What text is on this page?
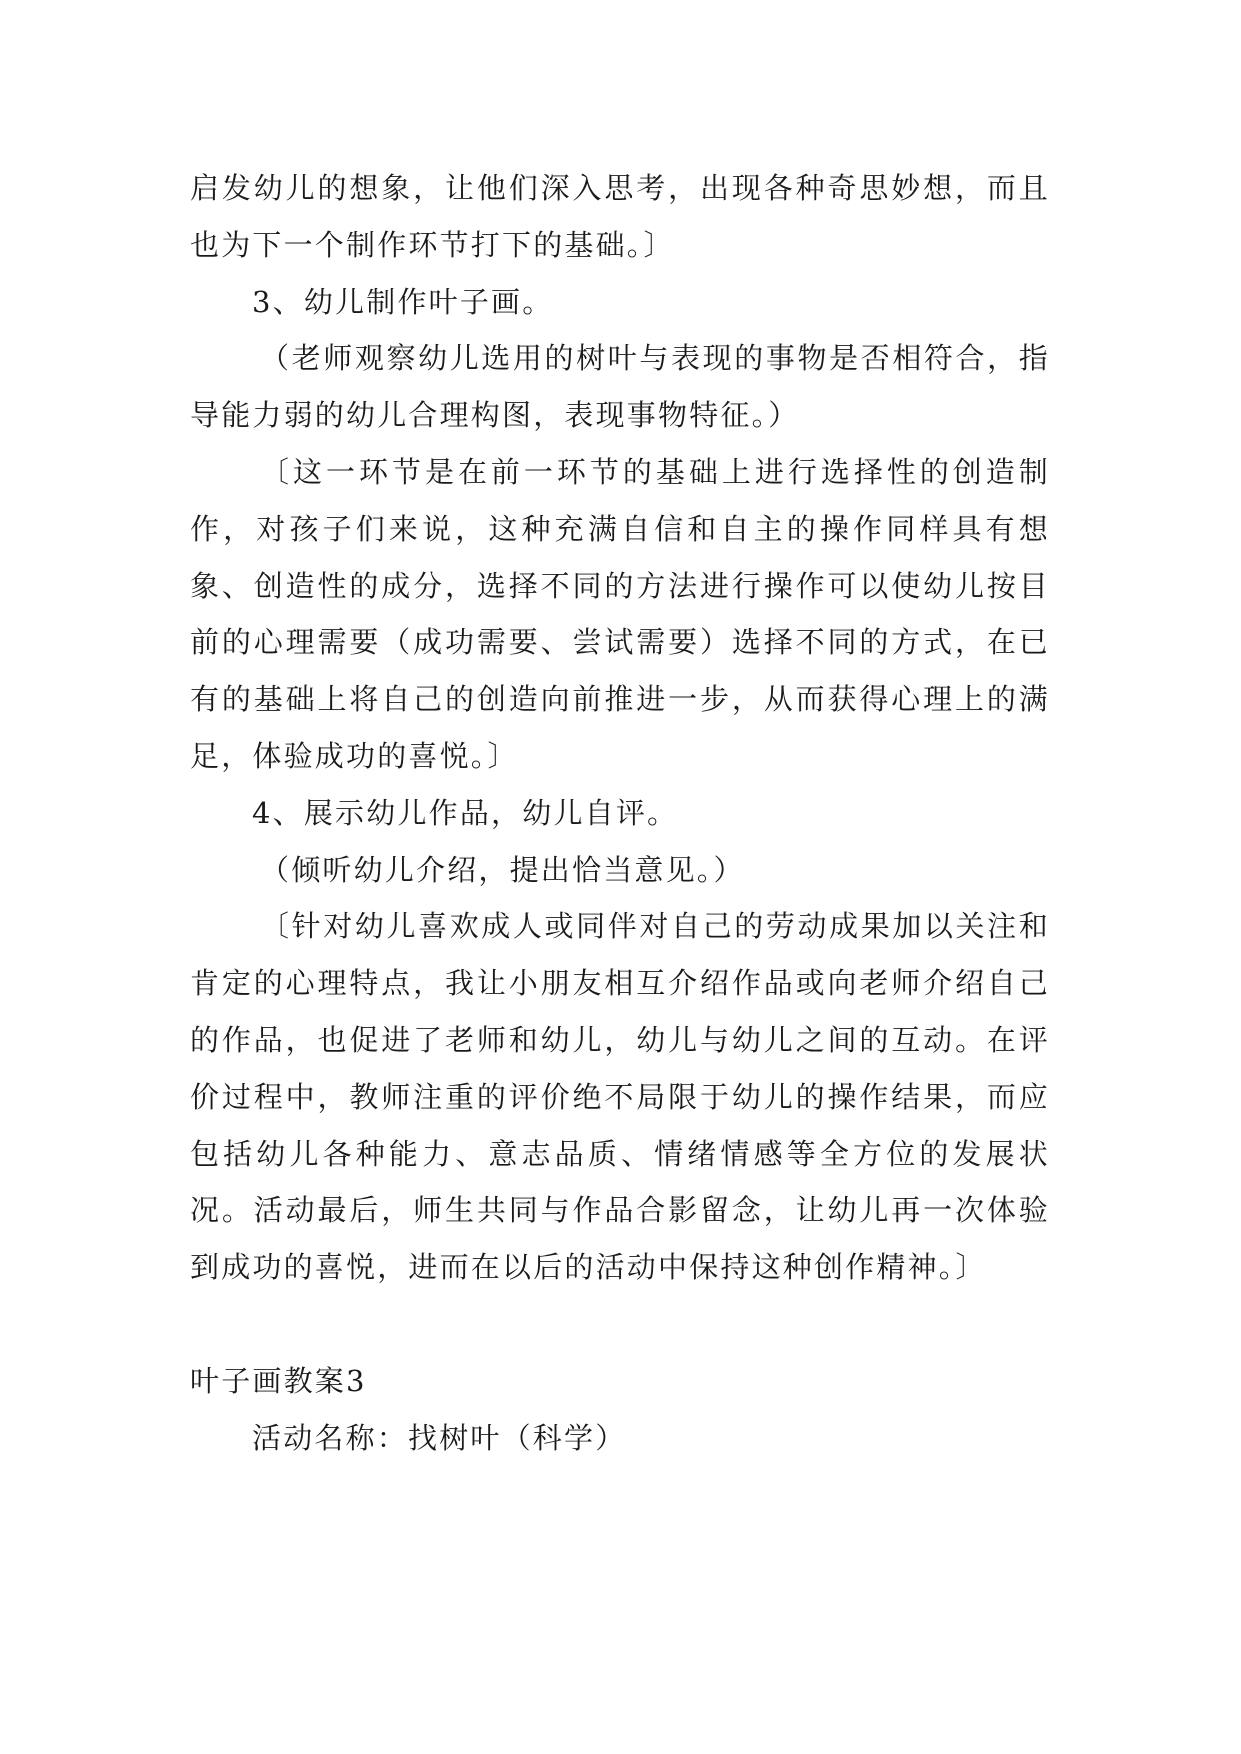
启发幼儿的想象，让他们深入思考，出现各种奇思妙想，而且也为下一个制作环节打下的基础。〕

3、幼儿制作叶子画。

（老师观察幼儿选用的树叶与表现的事物是否相符合，指导能力弱的幼儿合理构图，表现事物特征。）

〔这一环节是在前一环节的基础上进行选择性的创造制作，对孩子们来说，这种充满自信和自主的操作同样具有想象、创造性的成分，选择不同的方法进行操作可以使幼儿按目前的心理需要（成功需要、尝试需要）选择不同的方式，在已有的基础上将自己的创造向前推进一步，从而获得心理上的满足，体验成功的喜悦。〕

4、展示幼儿作品，幼儿自评。

（倾听幼儿介绍，提出恰当意见。）

〔针对幼儿喜欢成人或同伴对自己的劳动成果加以关注和肯定的心理特点，我让小朋友相互介绍作品或向老师介绍自己的作品，也促进了老师和幼儿，幼儿与幼儿之间的互动。在评价过程中，教师注重的评价绝不局限于幼儿的操作结果，而应包括幼儿各种能力、意志品质、情绪情感等全方位的发展状况。活动最后，师生共同与作品合影留念，让幼儿再一次体验到成功的喜悦，进而在以后的活动中保持这种创作精神。〕

叶子画教案3

活动名称：找树叶（科学）
